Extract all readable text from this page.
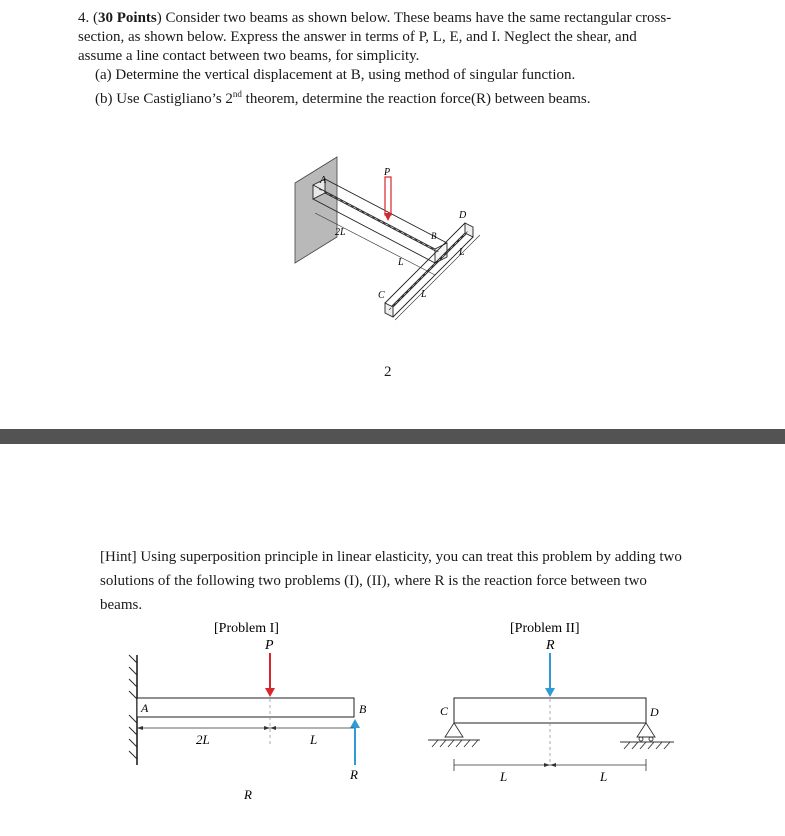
4. (30 Points) Consider two beams as shown below. These beams have the same rectangular cross-
section, as shown below. Express the answer in terms of P, L, E, and I. Neglect the shear, and
assume a line contact between two beams, for simplicity.
(a) Determine the vertical displacement at B, using method of singular function.
(b) Use Castigliano’s 2nd theorem, determine the reaction force(R) between beams.
A
P
D
B
2L
L
L
C	L
2
[Hint] Using superposition principle in linear elasticity, you can treat this problem by adding two
solutions of the following two problems (I), (II), where R is the reaction force between two
beams.
[Problem I]
P
A	B
R
2L	L
R
[Problem II]
R
C	D
L	L
